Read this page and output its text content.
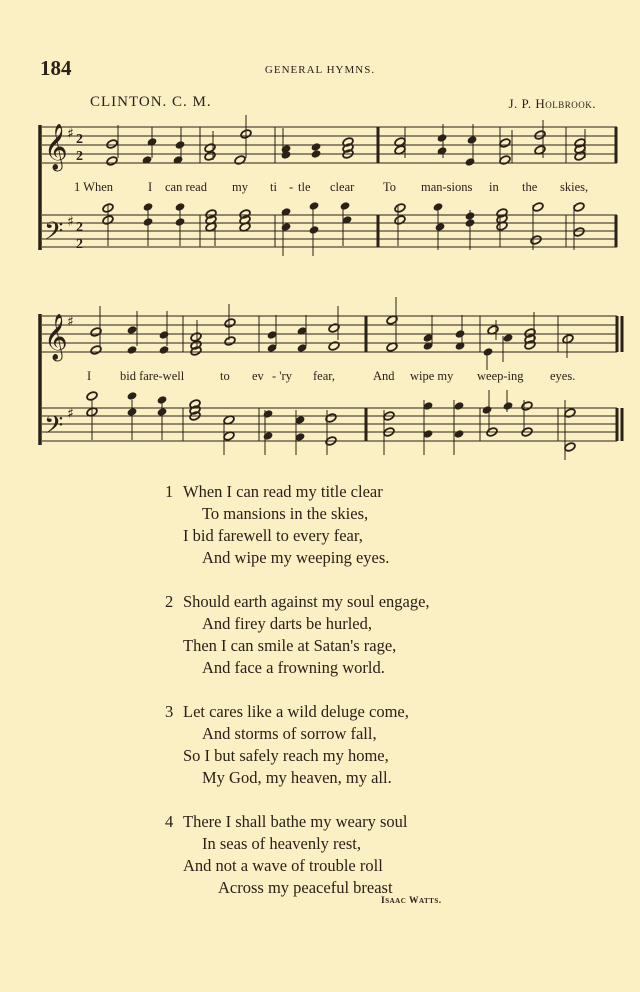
184	GENERAL HYMNS.
CLINTON. C. M.	J. P. Holbrook.
𝄞
𝄢
♯
♯
2
2
2
2
𝄞
𝄢
♯
♯
1 When	I can read my ti - tle clear To man-sions in the skies,
I bid fare-well	to ev - 'ry fear,	And wipe my weep-ing eyes.
1 When I can read my title clear
To mansions in the skies,
I bid farewell to every fear,
And wipe my weeping eyes.
2 Should earth against my soul engage,
And firey darts be hurled,
Then I can smile at Satan's rage,
And face a frowning world.
3 Let cares like a wild deluge come,
And storms of sorrow fall,
So I but safely reach my home,
My God, my heaven, my all.
4 There I shall bathe my weary soul
In seas of heavenly rest,
And not a wave of trouble roll
Across my peaceful breast
Isaac Watts.
